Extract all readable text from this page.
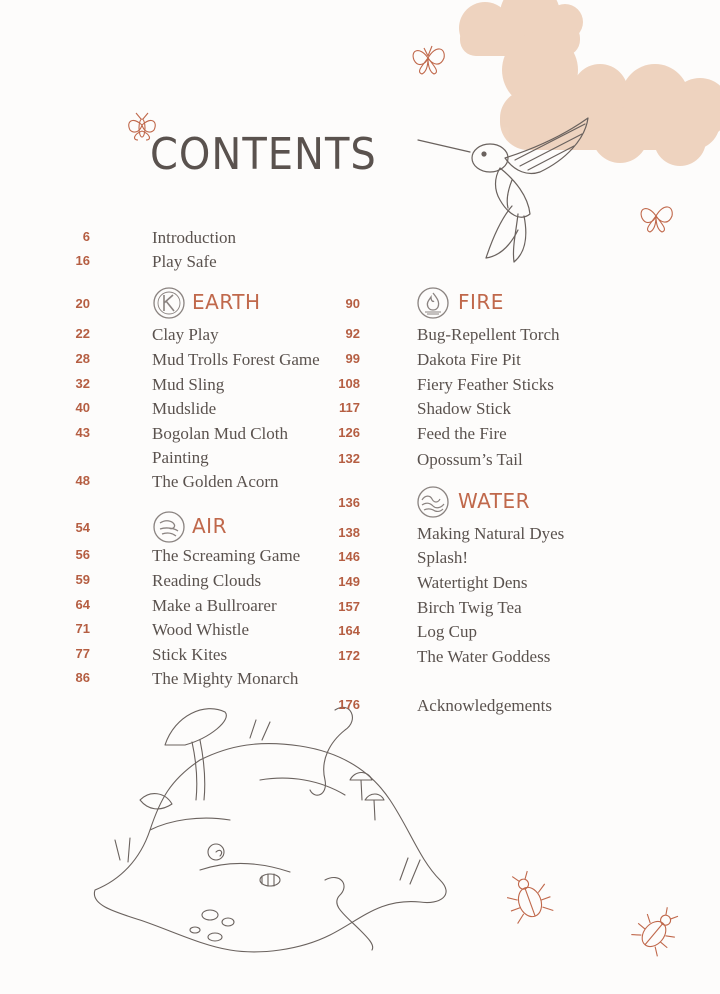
CONTENTS
6	Introduction
16	Play Safe
20	EARTH
22	Clay Play
28	Mud Trolls Forest Game
32	Mud Sling
40	Mudslide
43	Bogolan Mud Cloth
Painting
48	The Golden Acorn
54	AIR
56	The Screaming Game
59	Reading Clouds
64	Make a Bullroarer
71	Wood Whistle
77	Stick Kites
86	The Mighty Monarch
90	FIRE
92	Bug-Repellent Torch
99	Dakota Fire Pit
108	Fiery Feather Sticks
117	Shadow Stick
126	Feed the Fire
132	Opossum’s Tail
136	WATER
138	Making Natural Dyes
146	Splash!
149	Watertight Dens
157	Birch Twig Tea
164	Log Cup
172	The Water Goddess
176	Acknowledgements
